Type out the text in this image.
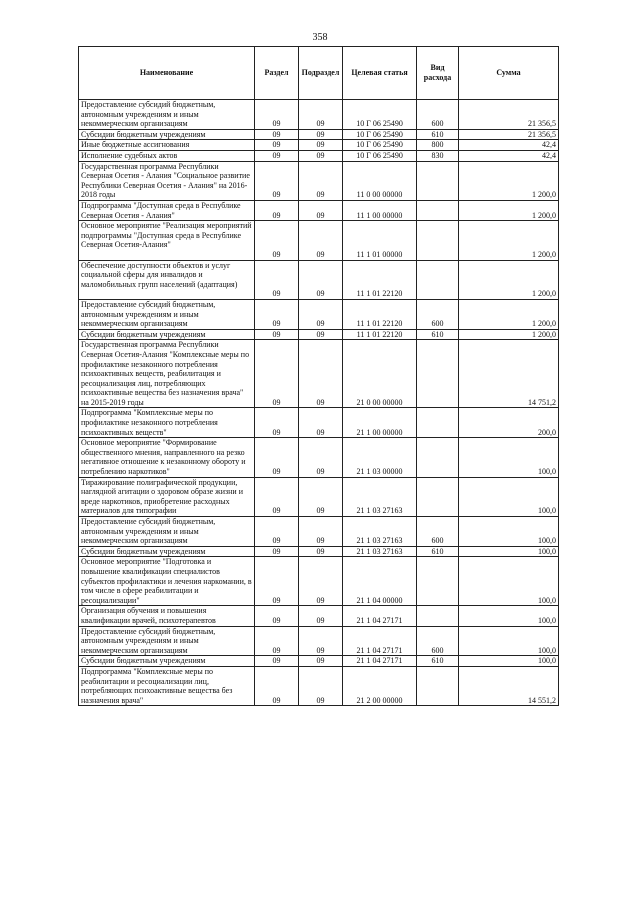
358
Наименование	Раздел	Подраздел	Целевая статья	Вид расхода	Сумма
Предоставление субсидий бюджетным, автономным учреждениям и иным некоммерческим организациям	09	09	10 Г 06 25490	600	21 356,5
Субсидии бюджетным учреждениям	09	09	10 Г 06 25490	610	21 356,5
Иные бюджетные ассигнования	09	09	10 Г 06 25490	800	42,4
Исполнение судебных актов	09	09	10 Г 06 25490	830	42,4
Государственная программа Республики Северная Осетия - Алания "Социальное развитие Республики Северная Осетия - Алания" на 2016-2018 годы	09	09	11 0 00 00000		1 200,0
Подпрограмма "Доступная среда в Республике Северная Осетия - Алания"	09	09	11 1 00 00000		1 200,0
Основное мероприятие "Реализация мероприятий подпрограммы "Доступная среда в Республике Северная Осетия-Алания"	09	09	11 1 01 00000		1 200,0
Обеспечение доступности объектов и услуг социальной сферы для инвалидов и маломобильных групп населений (адаптация)	09	09	11 1 01 22120		1 200,0
Предоставление субсидий бюджетным, автономным учреждениям и иным некоммерческим организациям	09	09	11 1 01 22120	600	1 200,0
Субсидии бюджетным учреждениям	09	09	11 1 01 22120	610	1 200,0
Государственная программа Республики Северная Осетия-Алания "Комплексные меры по профилактике незаконного потребления психоактивных веществ, реабилитация и ресоциализация лиц, потребляющих психоактивные вещества без назначения врача" на 2015-2019 годы	09	09	21 0 00 00000		14 751,2
Подпрограмма "Комплексные меры по профилактике незаконного потребления психоактивных веществ"	09	09	21 1 00 00000		200,0
Основное мероприятие "Формирование общественного мнения, направленного на резко негативное отношение к незаконному обороту и потреблению наркотиков"	09	09	21 1 03 00000		100,0
Тиражирование полиграфической продукции, наглядной агитации о здоровом образе жизни и вреде наркотиков, приобретение расходных материалов для типографии	09	09	21 1 03 27163		100,0
Предоставление субсидий бюджетным, автономным учреждениям и иным некоммерческим организациям	09	09	21 1 03 27163	600	100,0
Субсидии бюджетным учреждениям	09	09	21 1 03 27163	610	100,0
Основное мероприятие "Подготовка и повышение квалификации специалистов субъектов профилактики и лечения наркомании, в том числе в сфере реабилитации и ресоциализации"	09	09	21 1 04 00000		100,0
Организация обучения и повышения квалификации врачей, психотерапевтов	09	09	21 1 04 27171		100,0
Предоставление субсидий бюджетным, автономным учреждениям и иным некоммерческим организациям	09	09	21 1 04 27171	600	100,0
Субсидии бюджетным учреждениям	09	09	21 1 04 27171	610	100,0
Подпрограмма "Комплексные меры по реабилитации и ресоциализации лиц, потребляющих психоактивные вещества без назначения врача"	09	09	21 2 00 00000		14 551,2
